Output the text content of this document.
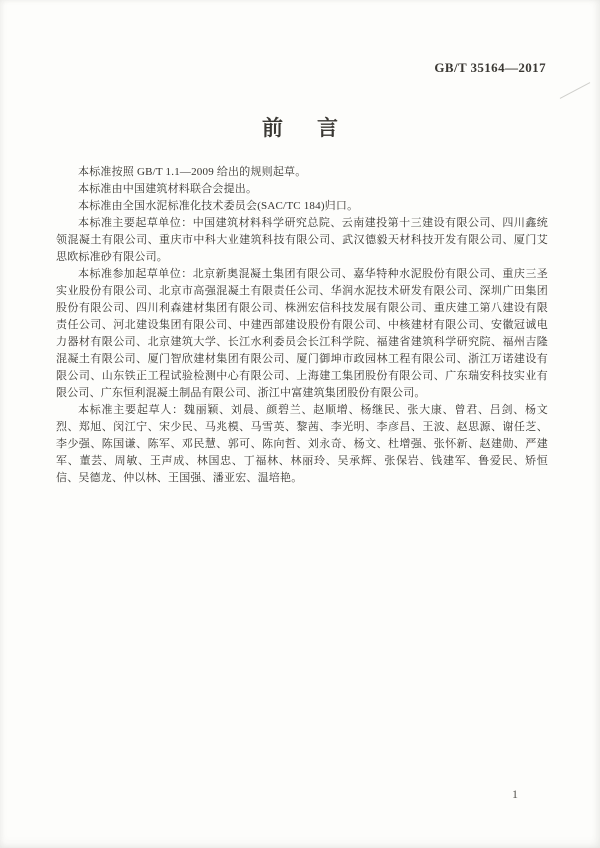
GB/T 35164—2017
前 言

本标准按照 GB/T 1.1—2009 给出的规则起草。

本标准由中国建筑材料联合会提出。

本标准由全国水泥标准化技术委员会(SAC/TC 184)归口。

本标准主要起草单位：中国建筑材料科学研究总院、云南建投第十三建设有限公司、四川鑫统领混凝土有限公司、重庆市中科大业建筑科技有限公司、武汉德毅天材科技开发有限公司、厦门艾思欧标准砂有限公司。

本标准参加起草单位：北京新奥混凝土集团有限公司、嘉华特种水泥股份有限公司、重庆三圣实业股份有限公司、北京市高强混凝土有限责任公司、华润水泥技术研发有限公司、深圳广田集团股份有限公司、四川利森建材集团有限公司、株洲宏信科技发展有限公司、重庆建工第八建设有限责任公司、河北建设集团有限公司、中建西部建设股份有限公司、中核建材有限公司、安徽冠诚电力器材有限公司、北京建筑大学、长江水利委员会长江科学院、福建省建筑科学研究院、福州吉隆混凝土有限公司、厦门智欣建材集团有限公司、厦门御坤市政园林工程有限公司、浙江万诺建设有限公司、山东铁正工程试验检测中心有限公司、上海建工集团股份有限公司、广东瑞安科技实业有限公司、广东恒利混凝土制品有限公司、浙江中富建筑集团股份有限公司。

本标准主要起草人：魏丽颖、刘晨、颜碧兰、赵顺增、杨继民、张大康、曾君、吕剑、杨文烈、郑旭、闵江宁、宋少民、马兆模、马雪英、黎茜、李光明、李彦昌、王波、赵思源、谢任芝、李少强、陈国谦、陈军、邓民慧、郭可、陈向哲、刘永奇、杨文、杜增强、张怀新、赵建勋、严建军、董芸、周敏、王声成、林国忠、丁福林、林丽玲、吴承辉、张保岩、钱建军、鲁爱民、矫恒信、吴德龙、仲以林、王国强、潘亚宏、温培艳。

1
